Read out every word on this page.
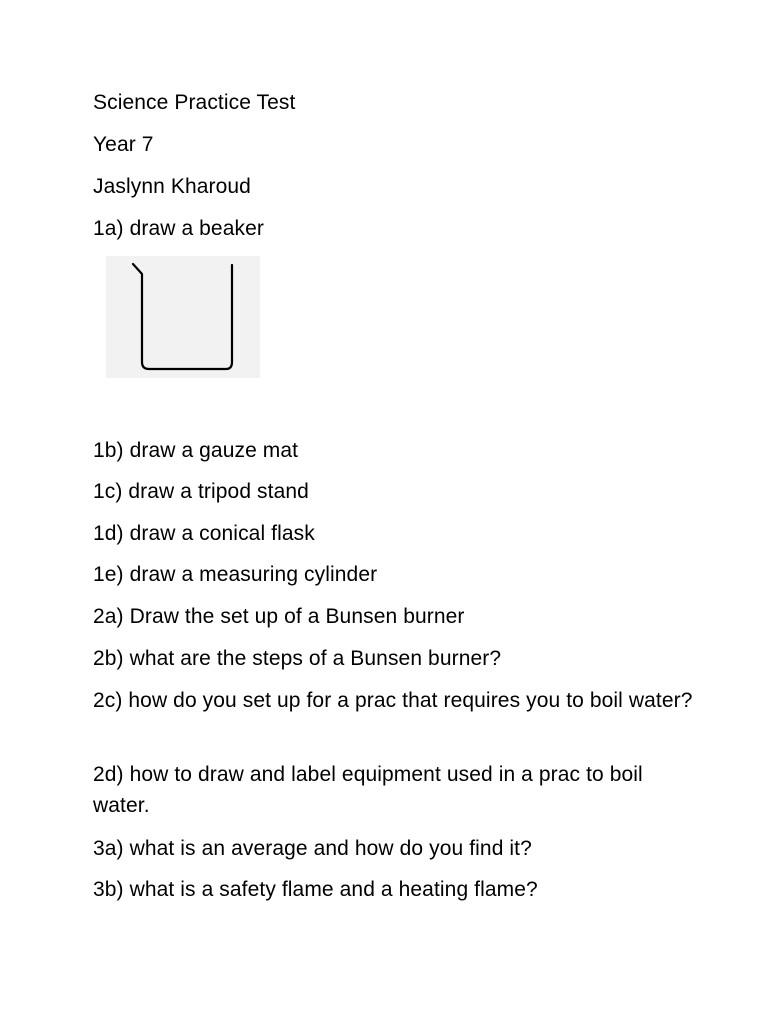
Science Practice Test
Year 7
Jaslynn Kharoud
1a) draw a beaker
1b) draw a gauze mat
1c) draw a tripod stand
1d) draw a conical flask
1e) draw a measuring cylinder
2a) Draw the set up of a Bunsen burner
2b) what are the steps of a Bunsen burner?
2c) how do you set up for a prac that requires you to boil water?
2d) how to draw and label equipment used in a prac to boil water.
3a) what is an average and how do you find it?
3b) what is a safety flame and a heating flame?
